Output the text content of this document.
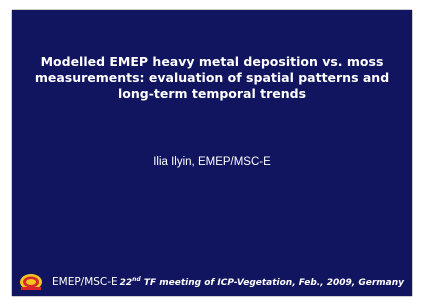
Modelled EMEP heavy metal deposition vs. moss
measurements: evaluation of spatial patterns and
long-term temporal trends
Ilia Ilyin, EMEP/MSC-E
EMEP/MSC-E 22nd TF meeting of ICP-Vegetation, Feb., 2009, Germany
